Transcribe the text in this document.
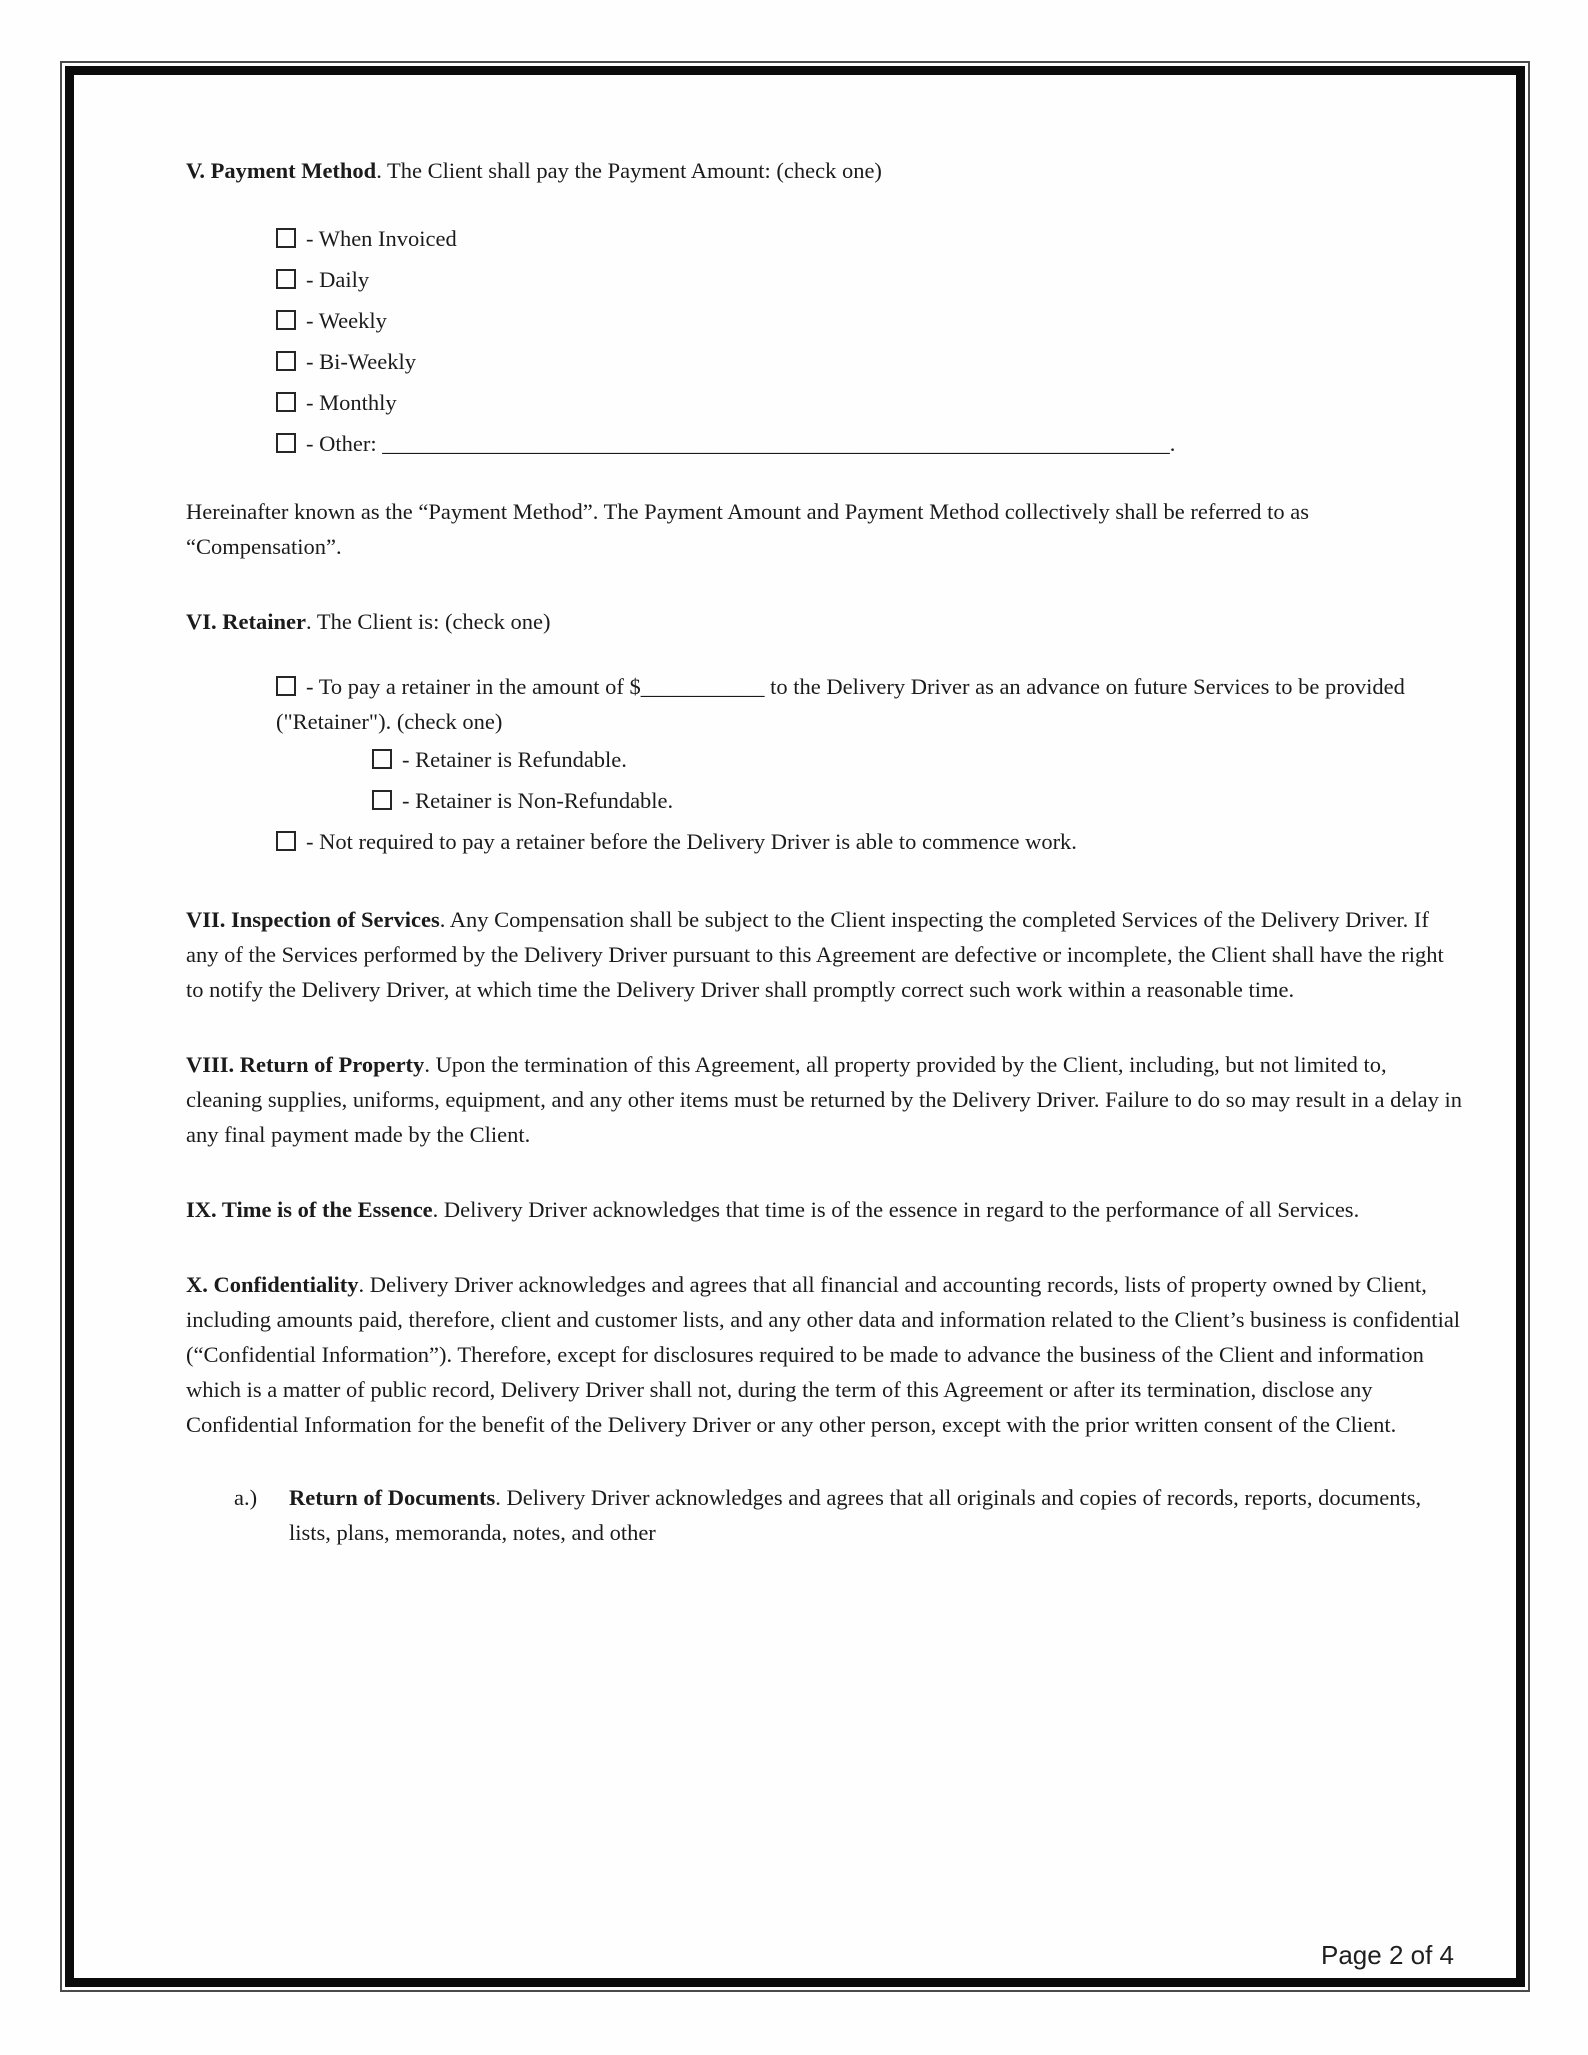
V. Payment Method. The Client shall pay the Payment Amount: (check one)

- When Invoiced
- Daily
- Weekly
- Bi-Weekly
- Monthly
- Other: ______________________________________________________________________.

Hereinafter known as the “Payment Method”. The Payment Amount and Payment Method collectively shall be referred to as “Compensation”.

VI. Retainer. The Client is: (check one)

- To pay a retainer in the amount of $___________ to the Delivery Driver as an advance on future Services to be provided ("Retainer"). (check one)
- Retainer is Refundable.
- Retainer is Non-Refundable.
- Not required to pay a retainer before the Delivery Driver is able to commence work.

VII. Inspection of Services. Any Compensation shall be subject to the Client inspecting the completed Services of the Delivery Driver. If any of the Services performed by the Delivery Driver pursuant to this Agreement are defective or incomplete, the Client shall have the right to notify the Delivery Driver, at which time the Delivery Driver shall promptly correct such work within a reasonable time.

VIII. Return of Property. Upon the termination of this Agreement, all property provided by the Client, including, but not limited to, cleaning supplies, uniforms, equipment, and any other items must be returned by the Delivery Driver. Failure to do so may result in a delay in any final payment made by the Client.

IX. Time is of the Essence. Delivery Driver acknowledges that time is of the essence in regard to the performance of all Services.

X. Confidentiality. Delivery Driver acknowledges and agrees that all financial and accounting records, lists of property owned by Client, including amounts paid, therefore, client and customer lists, and any other data and information related to the Client’s business is confidential (“Confidential Information”). Therefore, except for disclosures required to be made to advance the business of the Client and information which is a matter of public record, Delivery Driver shall not, during the term of this Agreement or after its termination, disclose any Confidential Information for the benefit of the Delivery Driver or any other person, except with the prior written consent of the Client.

a.) Return of Documents. Delivery Driver acknowledges and agrees that all originals and copies of records, reports, documents, lists, plans, memoranda, notes, and other
Page 2 of 4
